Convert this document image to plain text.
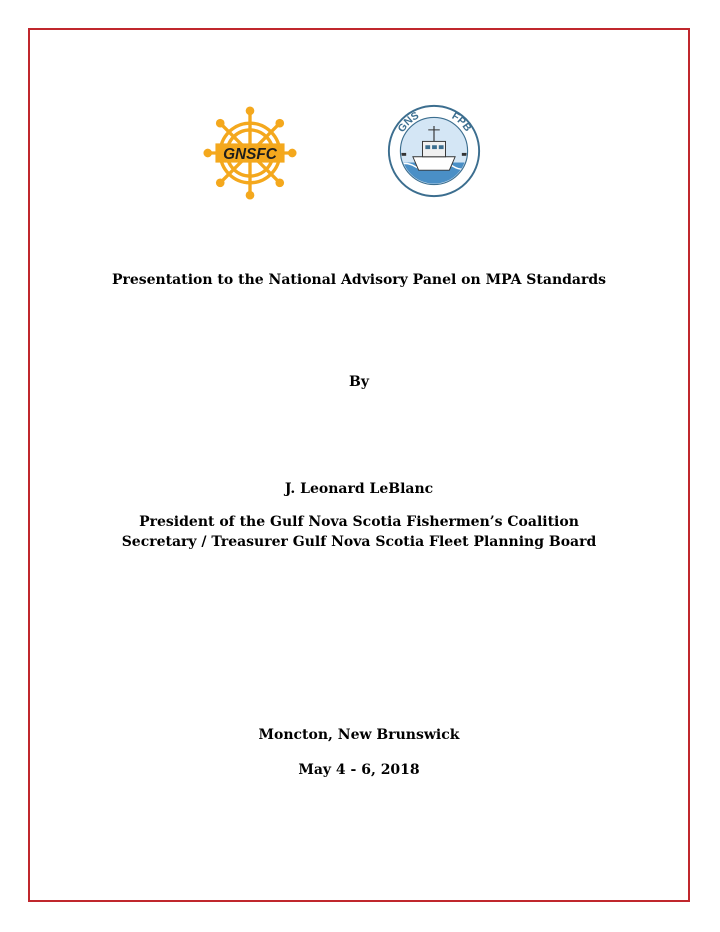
GNSFC
GNS	FPB
Presentation to the National Advisory Panel on MPA Standards
By
J. Leonard LeBlanc
President of the Gulf Nova Scotia Fishermen’s Coalition
Secretary / Treasurer Gulf Nova Scotia Fleet Planning Board
Moncton, New Brunswick
May 4 - 6, 2018
